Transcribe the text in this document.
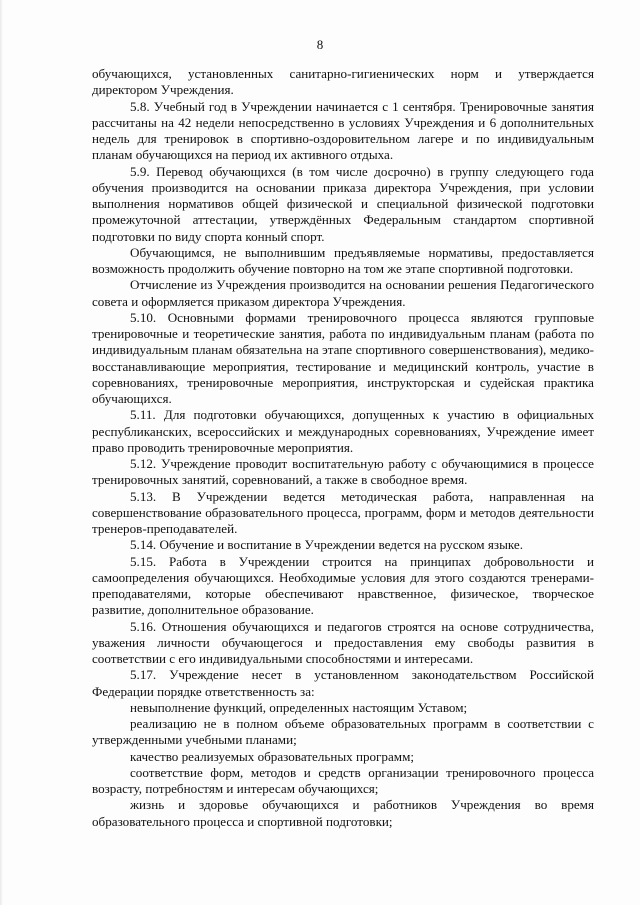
8

обучающихся, установленных санитарно-гигиенических норм и утверждается директором Учреждения.

5.8. Учебный год в Учреждении начинается с 1 сентября. Тренировочные занятия рассчитаны на 42 недели непосредственно в условиях Учреждения и 6 дополнительных недель для тренировок в спортивно-оздоровительном лагере и по индивидуальным планам обучающихся на период их активного отдыха.

5.9. Перевод обучающихся (в том числе досрочно) в группу следующего года обучения производится на основании приказа директора Учреждения, при условии выполнения нормативов общей физической и специальной физической подготовки промежуточной аттестации, утверждённых Федеральным стандартом спортивной подготовки по виду спорта конный спорт.

Обучающимся, не выполнившим предъявляемые нормативы, предоставляется возможность продолжить обучение повторно на том же этапе спортивной подготовки.

Отчисление из Учреждения производится на основании решения Педагогического совета и оформляется приказом директора Учреждения.

5.10. Основными формами тренировочного процесса являются групповые тренировочные и теоретические занятия, работа по индивидуальным планам (работа по индивидуальным планам обязательна на этапе спортивного совершенствования), медико-восстанавливающие мероприятия, тестирование и медицинский контроль, участие в соревнованиях, тренировочные мероприятия, инструкторская и судейская практика обучающихся.

5.11. Для подготовки обучающихся, допущенных к участию в официальных республиканских, всероссийских и международных соревнованиях, Учреждение имеет право проводить тренировочные мероприятия.

5.12. Учреждение проводит воспитательную работу с обучающимися в процессе тренировочных занятий, соревнований, а также в свободное время.

5.13. В Учреждении ведется методическая работа, направленная на совершенствование образовательного процесса, программ, форм и методов деятельности тренеров-преподавателей.

5.14. Обучение и воспитание в Учреждении ведется на русском языке.

5.15. Работа в Учреждении строится на принципах добровольности и самоопределения обучающихся. Необходимые условия для этого создаются тренерами-преподавателями, которые обеспечивают нравственное, физическое, творческое развитие, дополнительное образование.

5.16. Отношения обучающихся и педагогов строятся на основе сотрудничества, уважения личности обучающегося и предоставления ему свободы развития в соответствии с его индивидуальными способностями и интересами.

5.17. Учреждение несет в установленном законодательством Российской Федерации порядке ответственность за:

невыполнение функций, определенных настоящим Уставом;

реализацию не в полном объеме образовательных программ в соответствии с утвержденными учебными планами;

качество реализуемых образовательных программ;

соответствие форм, методов и средств организации тренировочного процесса возрасту, потребностям и интересам обучающихся;

жизнь и здоровье обучающихся и работников Учреждения во время образовательного процесса и спортивной подготовки;
